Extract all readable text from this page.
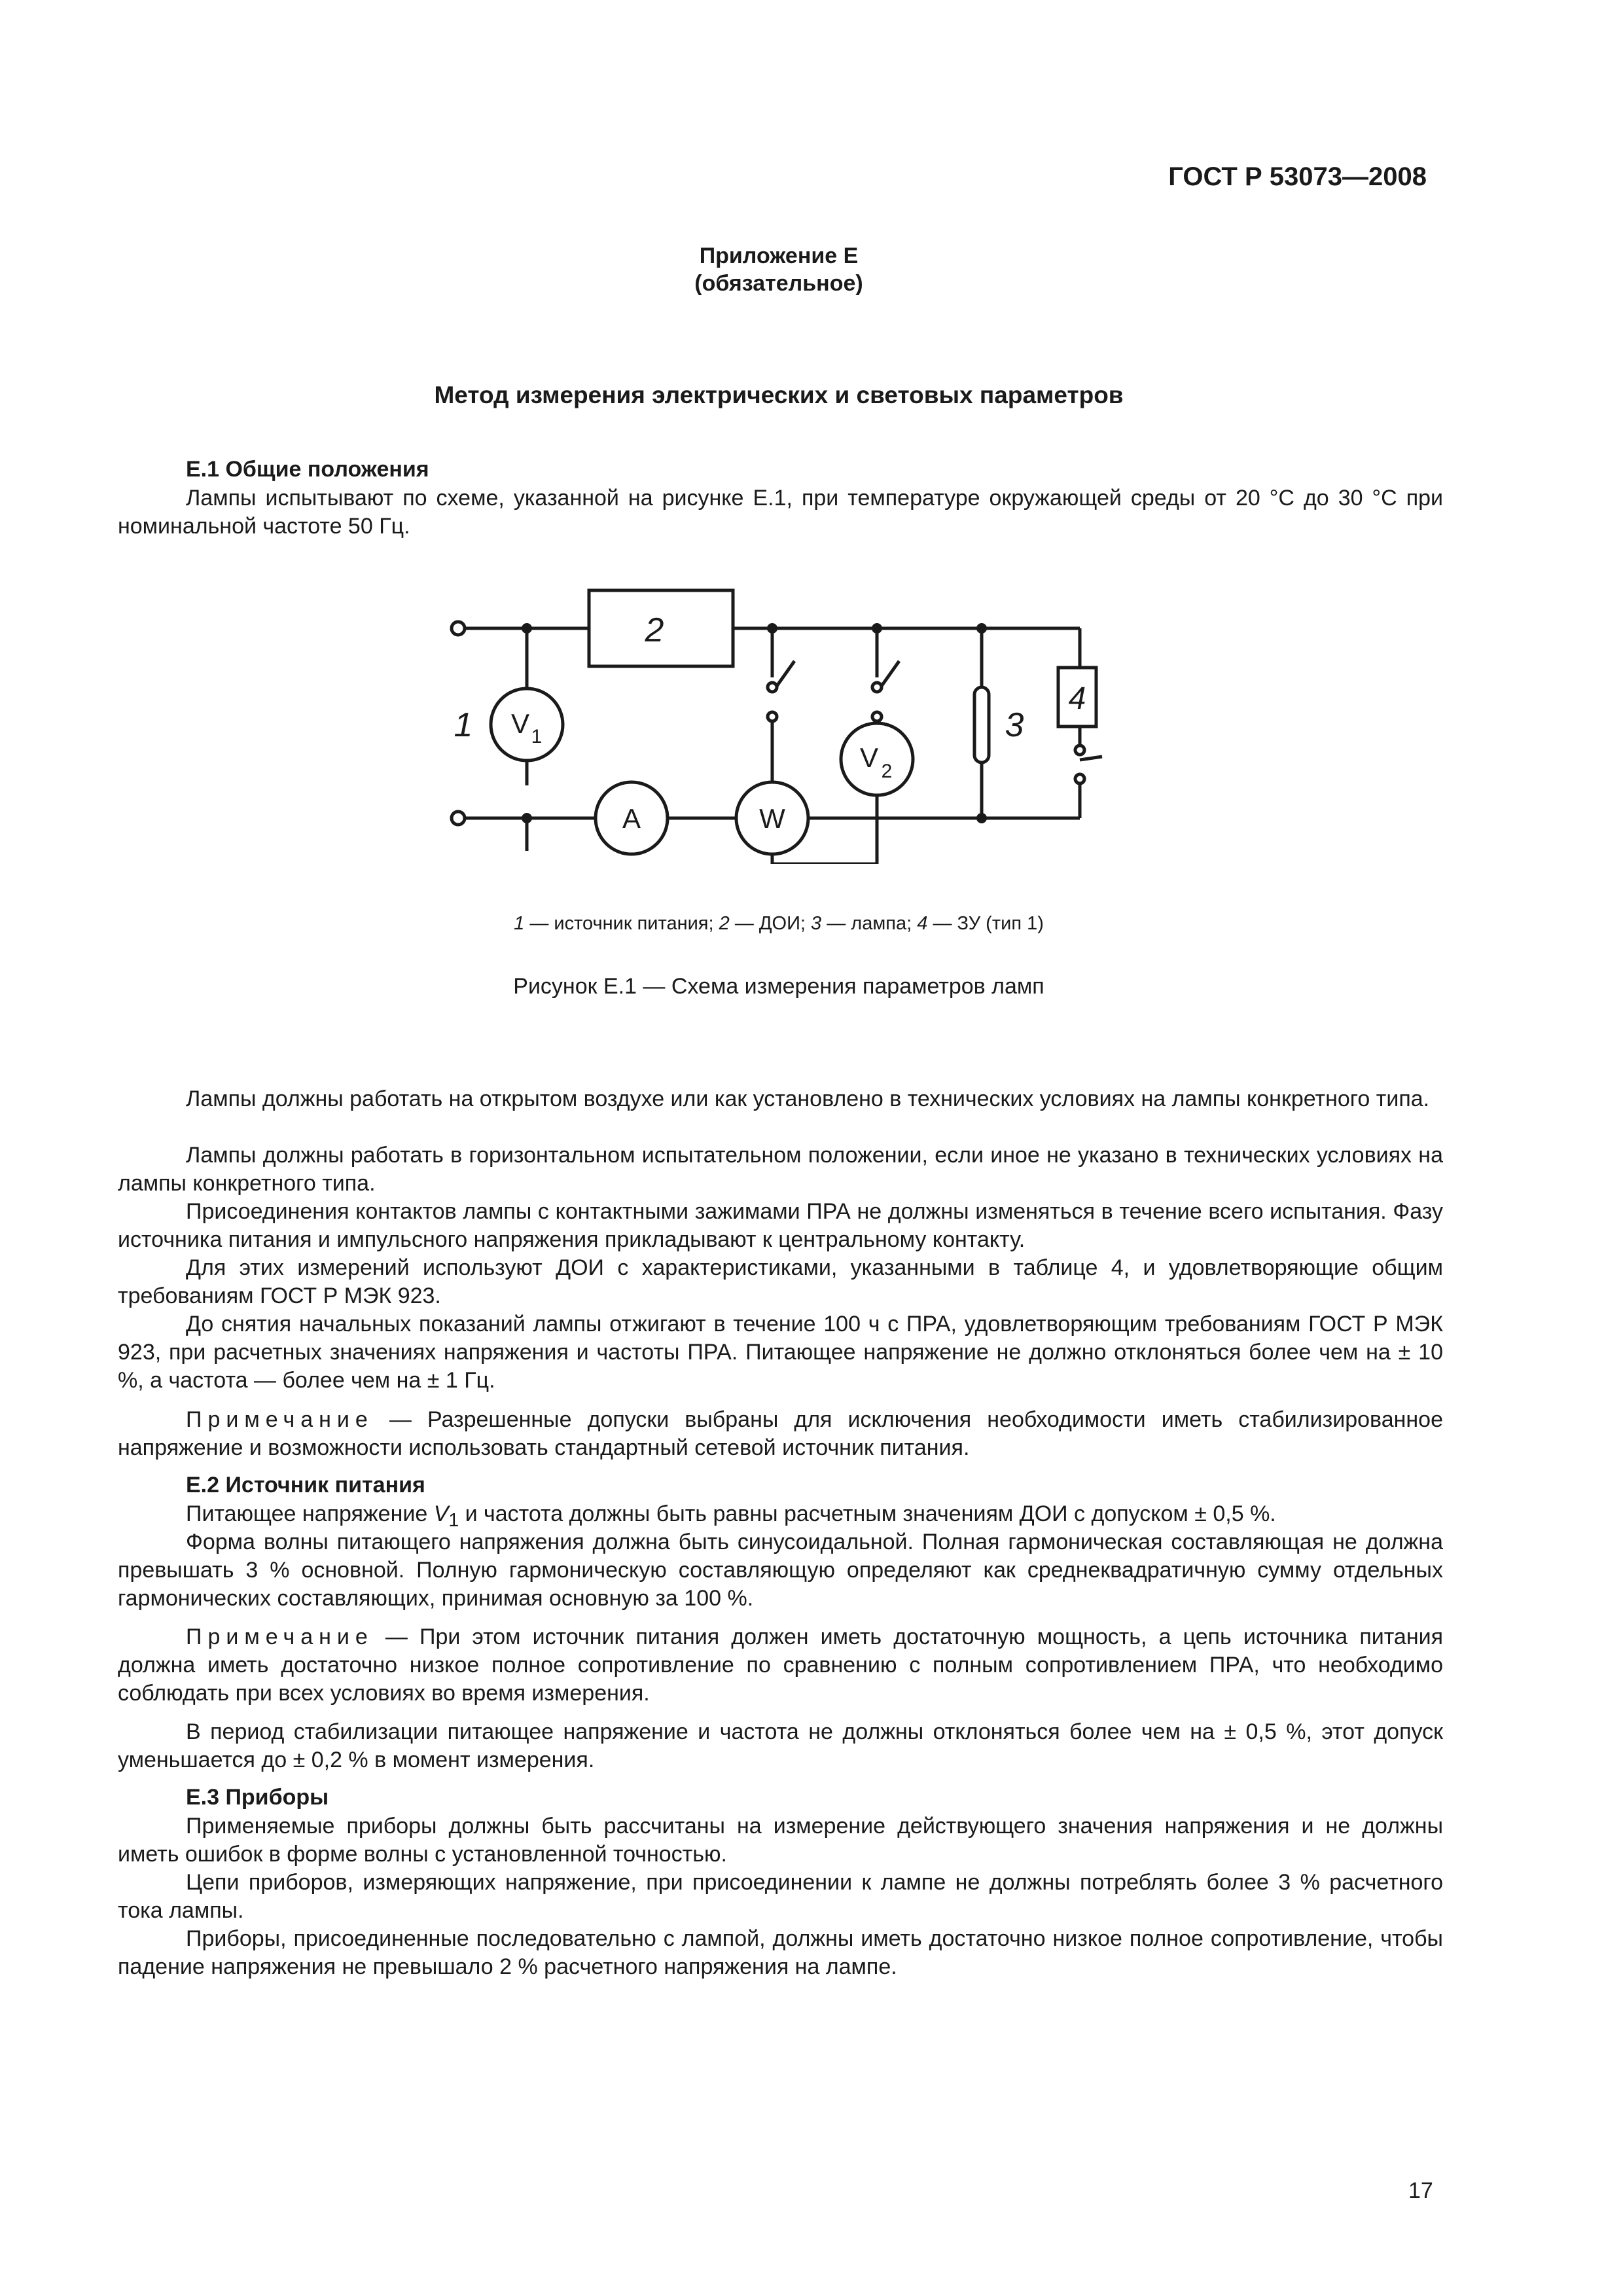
ГОСТ Р 53073—2008
Приложение Е
(обязательное)
Метод измерения электрических и световых параметров
Е.1 Общие положения
Лампы испытывают по схеме, указанной на рисунке Е.1, при температуре окружающей среды от 20 °С до 30 °С при номинальной частоте 50 Гц.
2
1	3
4
V 1
A	W
V 2
1 — источник питания; 2 — ДОИ; 3 — лампа; 4 — ЗУ (тип 1)
Рисунок Е.1 — Схема измерения параметров ламп
Лампы должны работать на открытом воздухе или как установлено в технических условиях на лампы конкретного типа.
Лампы должны работать в горизонтальном испытательном положении, если иное не указано в технических условиях на лампы конкретного типа.
Присоединения контактов лампы с контактными зажимами ПРА не должны изменяться в течение всего испытания. Фазу источника питания и импульсного напряжения прикладывают к центральному контакту.
Для этих измерений используют ДОИ с характеристиками, указанными в таблице 4, и удовлетворяющие общим требованиям ГОСТ Р МЭК 923.
До снятия начальных показаний лампы отжигают в течение 100 ч с ПРА, удовлетворяющим требованиям ГОСТ Р МЭК 923, при расчетных значениях напряжения и частоты ПРА. Питающее напряжение не должно отклоняться более чем на ± 10 %, а частота — более чем на ± 1 Гц.
Примечание — Разрешенные допуски выбраны для исключения необходимости иметь стабилизированное напряжение и возможности использовать стандартный сетевой источник питания.
Е.2 Источник питания
Питающее напряжение $V_1$ и частота должны быть равны расчетным значениям ДОИ с допуском ± 0,5 %.
Форма волны питающего напряжения должна быть синусоидальной. Полная гармоническая составляющая не должна превышать 3 % основной. Полную гармоническую составляющую определяют как среднеквадратичную сумму отдельных гармонических составляющих, принимая основную за 100 %.
Примечание — При этом источник питания должен иметь достаточную мощность, а цепь источника питания должна иметь достаточно низкое полное сопротивление по сравнению с полным сопротивлением ПРА, что необходимо соблюдать при всех условиях во время измерения.
В период стабилизации питающее напряжение и частота не должны отклоняться более чем на ± 0,5 %, этот допуск уменьшается до ± 0,2 % в момент измерения.
Е.3 Приборы
Применяемые приборы должны быть рассчитаны на измерение действующего значения напряжения и не должны иметь ошибок в форме волны с установленной точностью.
Цепи приборов, измеряющих напряжение, при присоединении к лампе не должны потреблять более 3 % расчетного тока лампы.
Приборы, присоединенные последовательно с лампой, должны иметь достаточно низкое полное сопротивление, чтобы падение напряжения не превышало 2 % расчетного напряжения на лампе.
17
